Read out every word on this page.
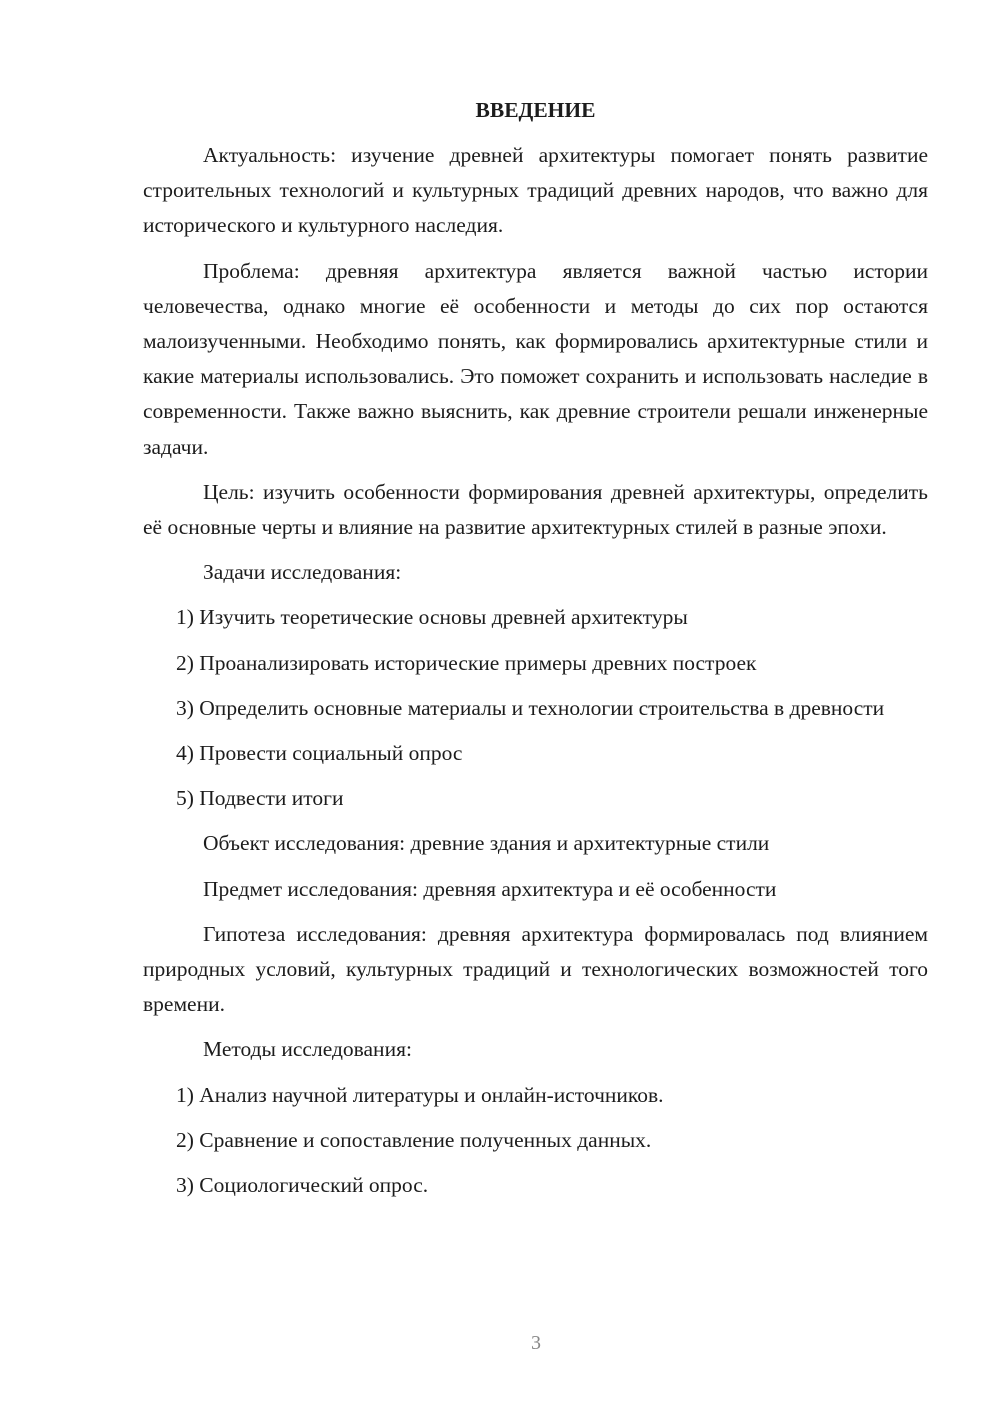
ВВЕДЕНИЕ

Актуальность: изучение древней архитектуры помогает понять развитие строительных технологий и культурных традиций древних народов, что важно для исторического и культурного наследия.

Проблема: древняя архитектура является важной частью истории человечества, однако многие её особенности и методы до сих пор остаются малоизученными. Необходимо понять, как формировались архитектурные стили и какие материалы использовались. Это поможет сохранить и использовать наследие в современности. Также важно выяснить, как древние строители решали инженерные задачи.

Цель: изучить особенности формирования древней архитектуры, определить её основные черты и влияние на развитие архитектурных стилей в разные эпохи.

Задачи исследования:

1) Изучить теоретические основы древней архитектуры

2) Проанализировать исторические примеры древних построек

3) Определить основные материалы и технологии строительства в древности

4) Провести социальный опрос

5) Подвести итоги

Объект исследования: древние здания и архитектурные стили

Предмет исследования: древняя архитектура и её особенности

Гипотеза исследования: древняя архитектура формировалась под влиянием природных условий, культурных традиций и технологических возможностей того времени.

Методы исследования:

1) Анализ научной литературы и онлайн-источников.

2) Сравнение и сопоставление полученных данных.

3) Социологический опрос.

3
